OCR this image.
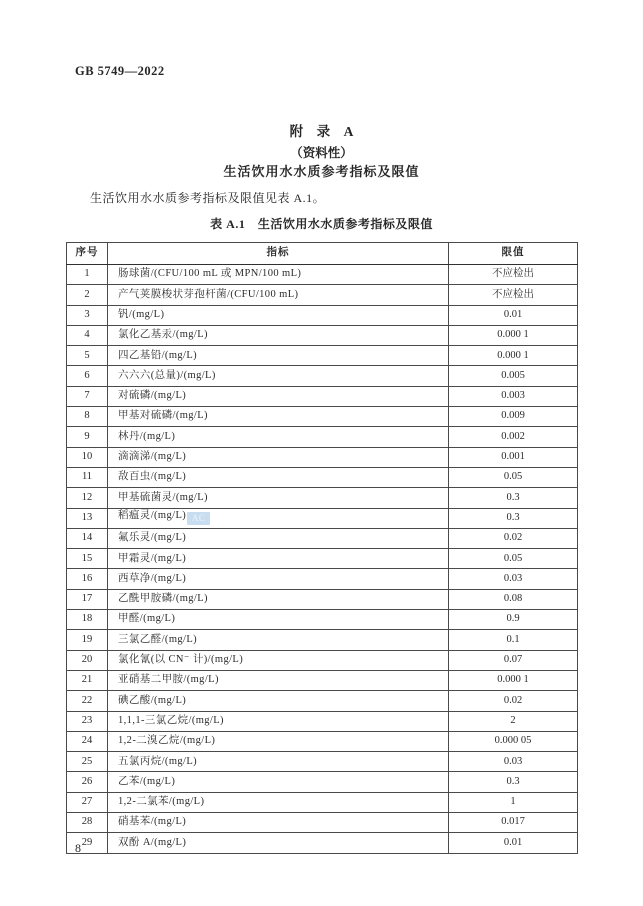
GB 5749—2022
附　录　A
（资料性）
生活饮用水水质参考指标及限值
生活饮用水水质参考指标及限值见表 A.1。
表 A.1　生活饮用水水质参考指标及限值
序号	指标	限值
1	肠球菌/(CFU/100 mL 或 MPN/100 mL)	不应检出
2	产气荚膜梭状芽孢杆菌/(CFU/100 mL)	不应检出
3	钒/(mg/L)	0.01
4	氯化乙基汞/(mg/L)	0.000 1
5	四乙基铅/(mg/L)	0.000 1
6	六六六(总量)/(mg/L)	0.005
7	对硫磷/(mg/L)	0.003
8	甲基对硫磷/(mg/L)	0.009
9	林丹/(mg/L)	0.002
10	滴滴涕/(mg/L)	0.001
11	敌百虫/(mg/L)	0.05
12	甲基硫菌灵/(mg/L)	0.3
13	稻瘟灵/(mg/L) AC	0.3
14	氟乐灵/(mg/L)	0.02
15	甲霜灵/(mg/L)	0.05
16	西草净/(mg/L)	0.03
17	乙酰甲胺磷/(mg/L)	0.08
18	甲醛/(mg/L)	0.9
19	三氯乙醛/(mg/L)	0.1
20	氯化氰(以 CN⁻ 计)/(mg/L)	0.07
21	亚硝基二甲胺/(mg/L)	0.000 1
22	碘乙酸/(mg/L)	0.02
23	1,1,1-三氯乙烷/(mg/L)	2
24	1,2-二溴乙烷/(mg/L)	0.000 05
25	五氯丙烷/(mg/L)	0.03
26	乙苯/(mg/L)	0.3
27	1,2-二氯苯/(mg/L)	1
28	硝基苯/(mg/L)	0.017
29	双酚 A/(mg/L)	0.01
8
